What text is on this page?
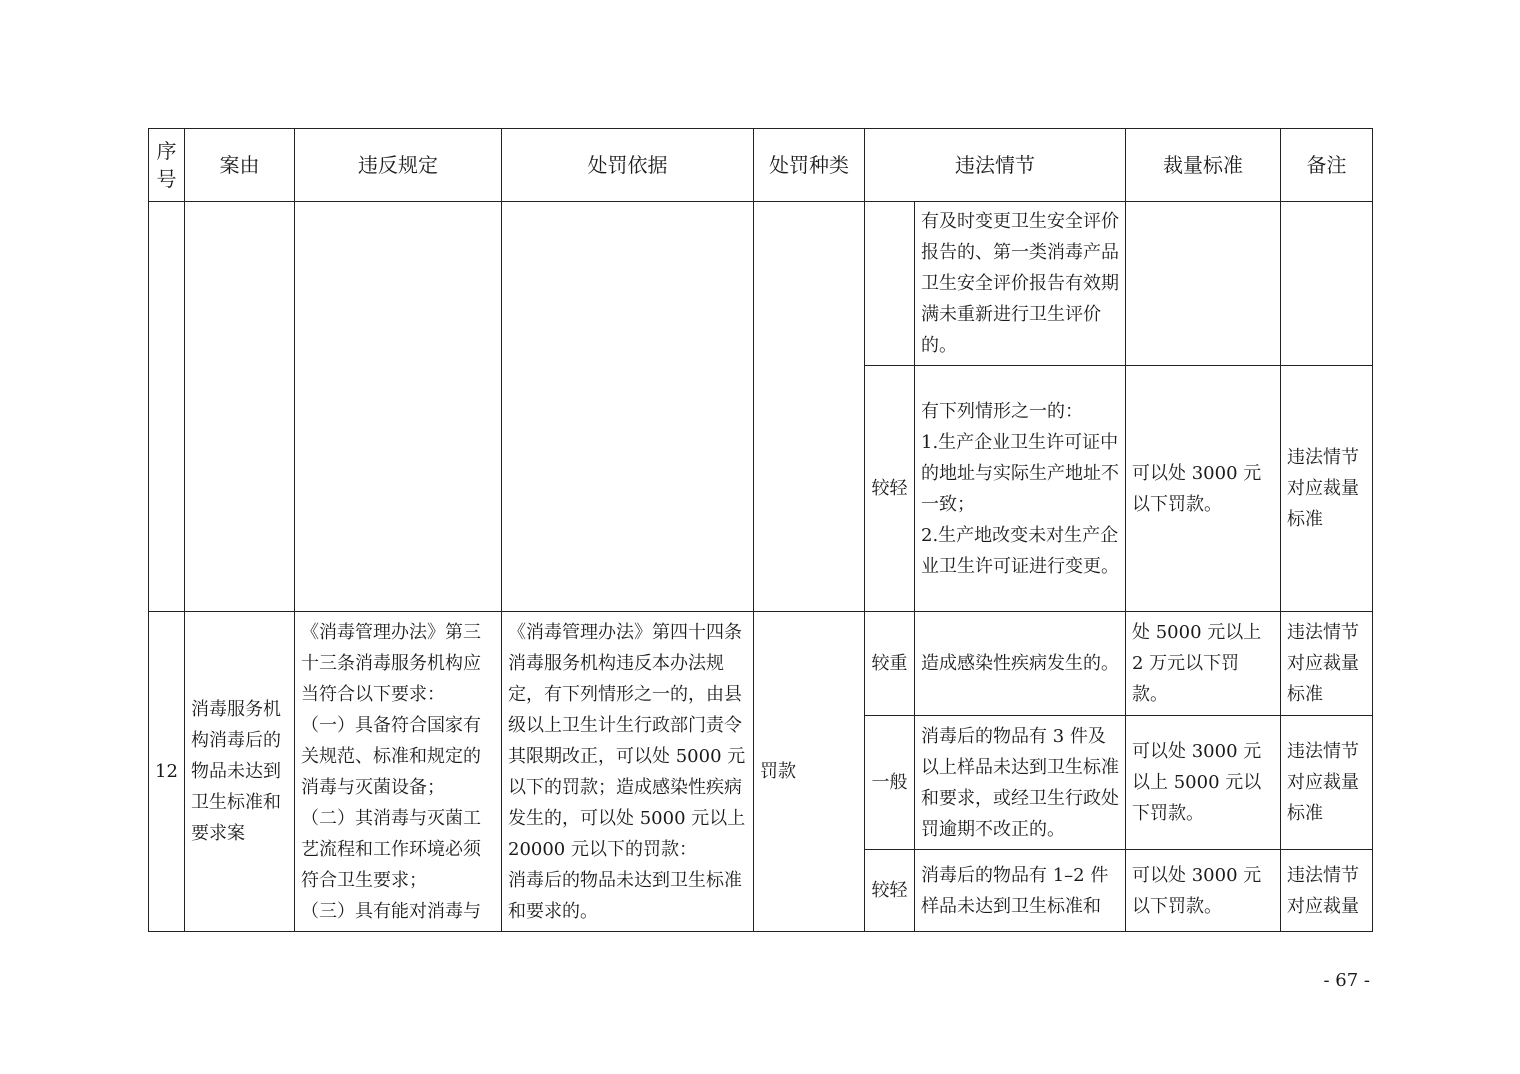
序号	案由	违反规定	处罚依据	处罚种类	违法情节		裁量标准	备注
						有及时变更卫生安全评价报告的、第一类消毒产品卫生安全评价报告有效期满未重新进行卫生评价的。		
					较轻	有下列情形之一的：
1.生产企业卫生许可证中的地址与实际生产地址不一致；
2.生产地改变未对生产企业卫生许可证进行变更。	可以处 3000 元以下罚款。	违法情节对应裁量标准
12	消毒服务机构消毒后的物品未达到卫生标准和要求案	《消毒管理办法》第三十三条消毒服务机构应当符合以下要求：
（一）具备符合国家有关规范、标准和规定的消毒与灭菌设备；
（二）其消毒与灭菌工艺流程和工作环境必须符合卫生要求；
（三）具有能对消毒与	《消毒管理办法》第四十四条消毒服务机构违反本办法规定，有下列情形之一的，由县级以上卫生计生行政部门责令其限期改正，可以处 5000 元以下的罚款；造成感染性疾病发生的，可以处 5000 元以上 20000 元以下的罚款：
消毒后的物品未达到卫生标准和要求的。	罚款	较重	造成感染性疾病发生的。	处 5000 元以上 2 万元以下罚款。	违法情节对应裁量标准
					一般	消毒后的物品有 3 件及以上样品未达到卫生标准和要求，或经卫生行政处罚逾期不改正的。	可以处 3000 元以上 5000 元以下罚款。	违法情节对应裁量标准
					较轻	消毒后的物品有 1–2 件样品未达到卫生标准和	可以处 3000 元以下罚款。	违法情节对应裁量
- 67 -
